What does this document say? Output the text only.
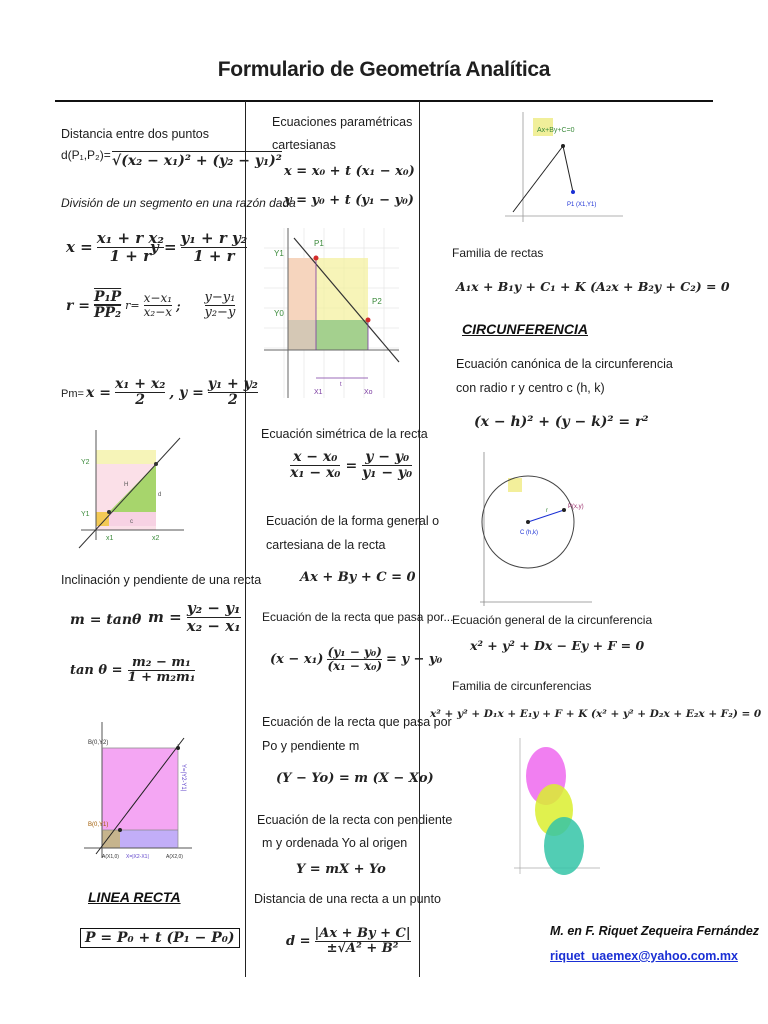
Formulario de Geometría Analítica
Distancia entre dos puntos
d(P₁,P₂)= √(x₂ − x₁)² + (y₂ − y₁)²
División de un segmento en una razón dada
$x = \frac{\text{x₁ + r x₂}}{1 + r}$
$y = \frac{\text{y₁ + r y₂}}{1 + r}$
$r = \frac{\text{P₁P}}{\text{PP₂}} r= \frac{\text{x−x₁}}{\text{x₂−x}}$ ; $\frac{\text{y−y₁}}{\text{y₂−y}}$
$Pm= x = \frac{\text{x₁ + x₂}}{2}$ , $y = \frac{\text{y₁ + y₂}}{2}$
Y2
Y1
x1	x2
H
c
d
Inclinación y pendiente de una recta
m = tanθ $m = \frac{\text{y₂ − y₁}}{\text{x₂ − x₁}}$
$\tan \theta = \frac{\text{m₂ − m₁}}{\text{1 + m₂m₁}}$
B(0,Y2)
B(0,Y1)
A(X1,0) X=|X2-X1|	A(X2,0)
Y=|Y2-Y1|
LINEA RECTA
P = P₀ + t (P₁ − P₀)
Ecuaciones paramétricas
cartesianas
x = x₀ + t (x₁ − x₀)
y = y₀ + t (y₁ − y₀)
Y1
Y0
P1
P2
X1	Xo
t
Ecuación simétrica de la recta
$\frac{\text{x − x₀}}{\text{x₁ − x₀}} = \frac{\text{y − y₀}}{\text{y₁ − y₀}}$
Ecuación de la forma general o
cartesiana de la recta
Ax + By + C = 0
Ecuación de la recta que pasa por...
$(x - x_1) \frac{\text{(y₁ − y₀)}}{\text{(x₁ − x₀)}} = y - y_0$
Ecuación de la recta que pasa por
Po y pendiente m
(Y − Yo) = m (X − Xo)
Ecuación de la recta con pendiente
m y ordenada Yo al origen
Y = mX + Yo
Distancia de una recta a un punto
$d = \frac{|Ax + By + C|}{\text{±√A² + B²}}$
Ax+By+C=0
P1 (X1,Y1)
Familia de rectas
A₁x + B₁y + C₁ + K (A₂x + B₂y + C₂) = 0
CIRCUNFERENCIA
Ecuación canónica de la circunferencia
con radio r y centro c (h, k)
(x − h)² + (y − k)² = r²
P(x,y)
C (h,k)
r
Ecuación general de la circunferencia
x² + y² + Dx − Ey + F = 0
Familia de circunferencias
x² + y² + D₁x + E₁y + F + K (x² + y² + D₂x + E₂x + F₂) = 0
M. en F. Riquet Zequeira Fernández
riquet_uaemex@yahoo.com.mx
